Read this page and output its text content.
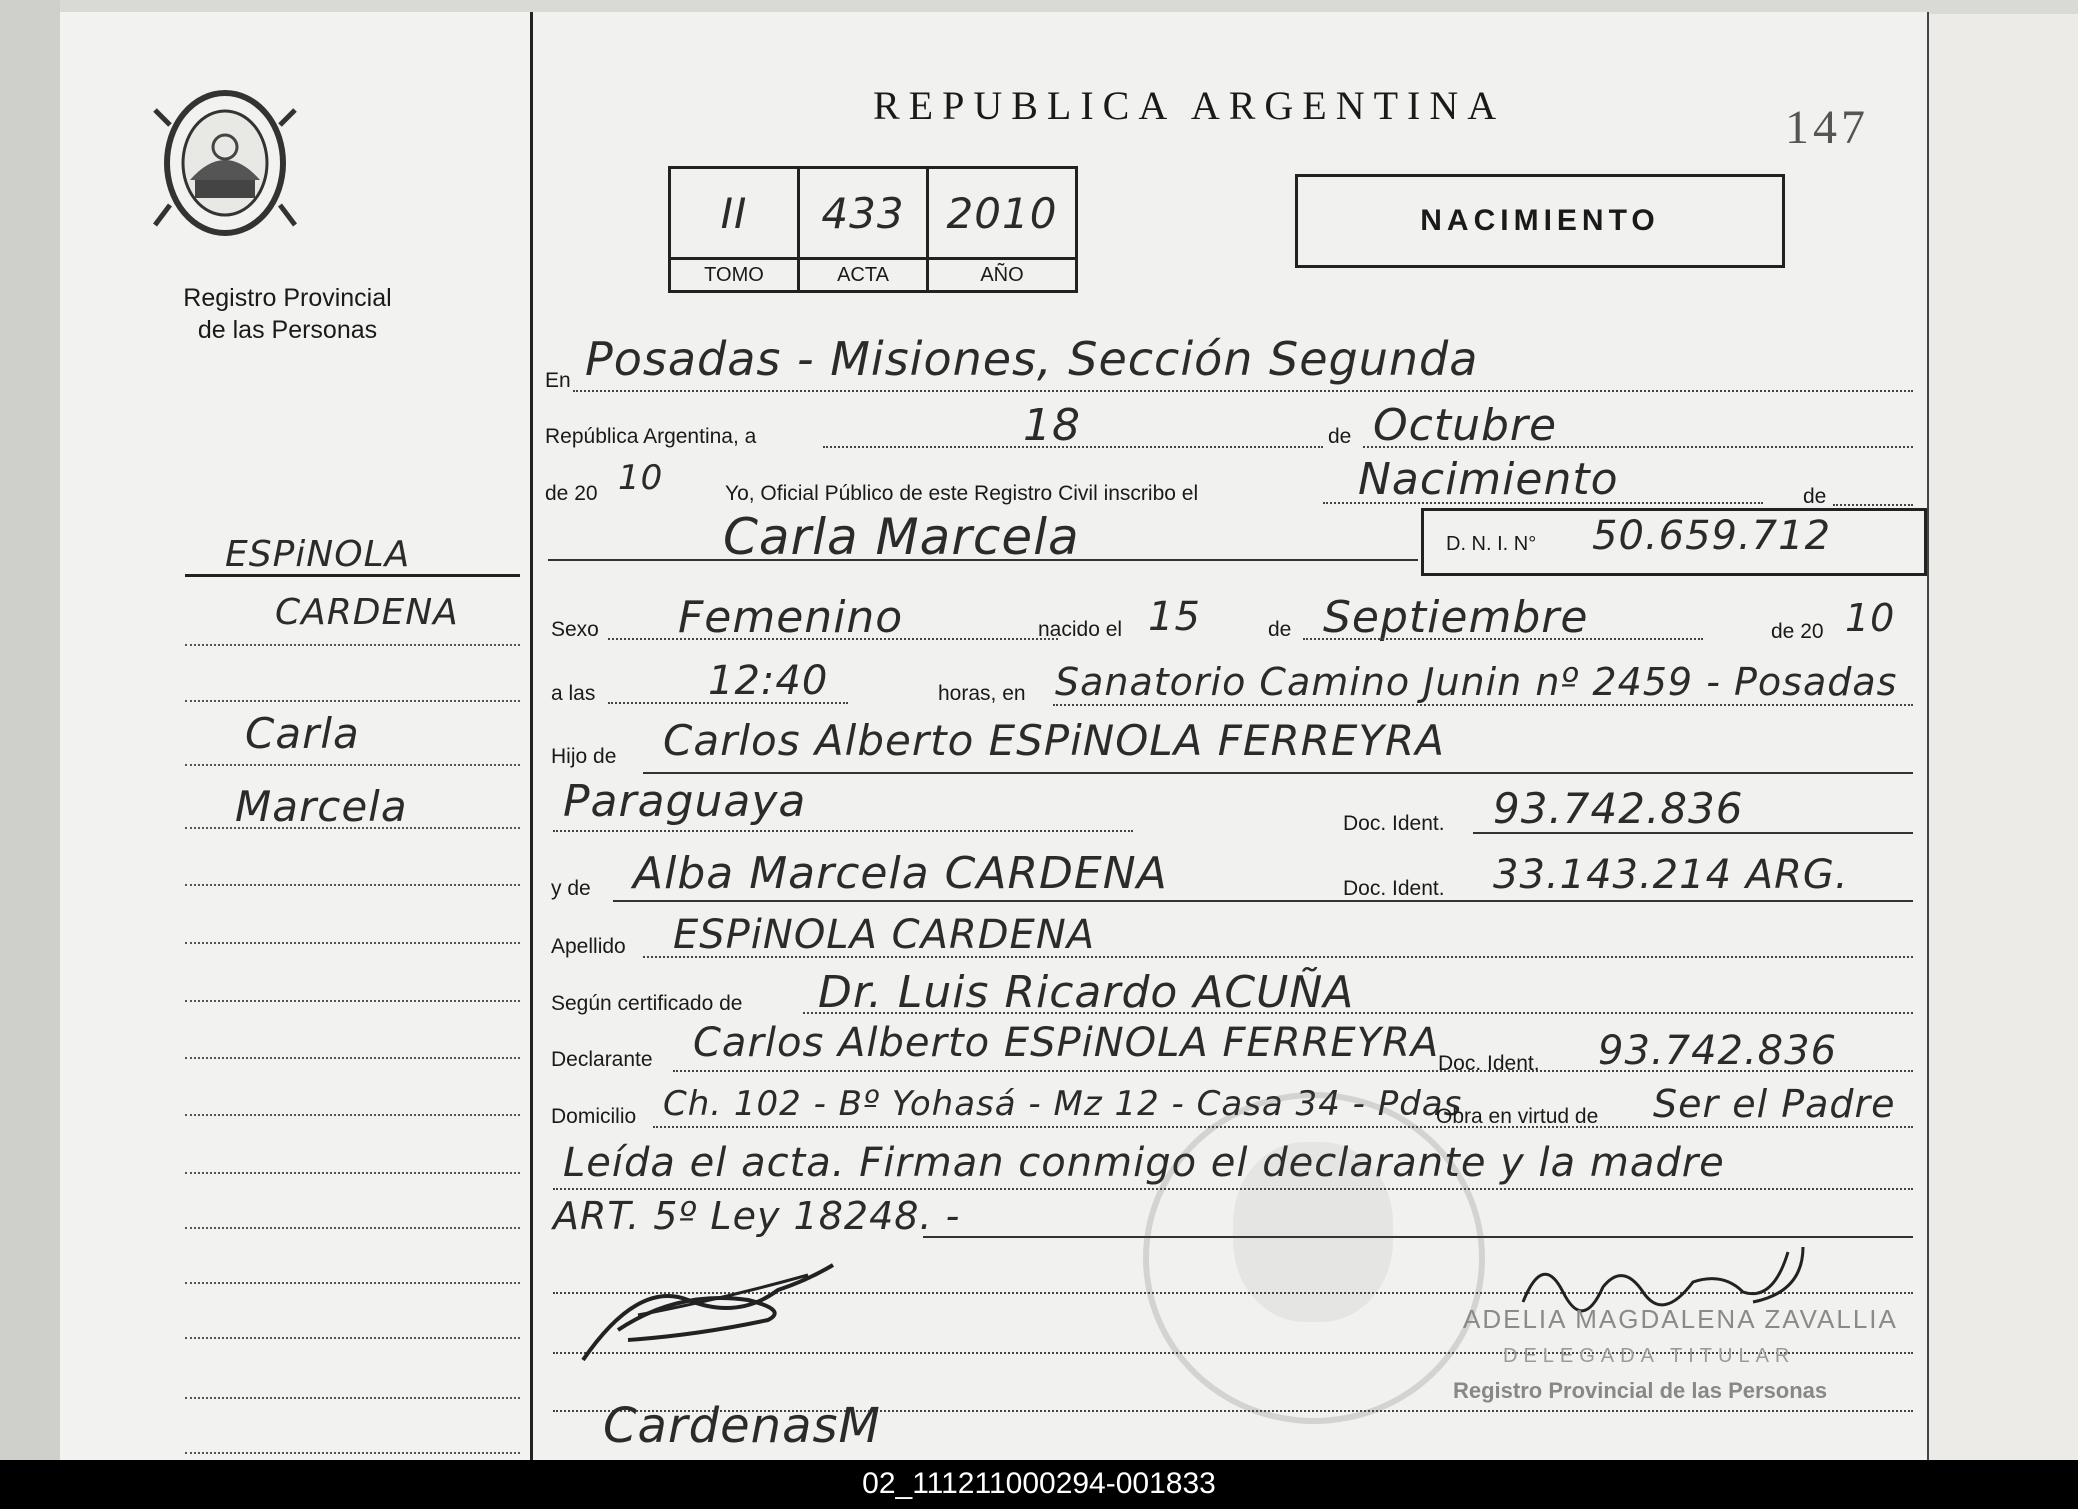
Registro Provincial
de las Personas
ESPiNOLA
CARDENA
Carla
Marcela
REPUBLICA ARGENTINA	147
II	433	2010
TOMO	ACTA	AÑO
NACIMIENTO
En Posadas - Misiones, Sección Segunda
República Argentina, a	18	de Octubre
de 20 10	Yo, Oficial Público de este Registro Civil inscribo el	Nacimiento	de
Carla Marcela	D. N. I. N° 50.659.712
Sexo Femenino	nacido el 15	de Septiembre	de 20 10
a las	12:40	horas, en Sanatorio Camino Junin nº 2459 - Posadas
Hijo de Carlos Alberto ESPiNOLA FERREYRA
Paraguaya	Doc. Ident. 93.742.836
y de Alba Marcela CARDENA	Doc. Ident. 33.143.214 ARG.
Apellido ESPiNOLA CARDENA
Según certificado de Dr. Luis Ricardo ACUÑA
Declarante Carlos Alberto ESPiNOLA FERREYRA
Doc. Ident. 93.742.836
Domicilio Ch. 102 - Bº Yohasá - Mz 12 - Casa 34 - Pdas
Obra en virtud de Ser el Padre
Leída el acta. Firman conmigo el declarante y la madre
ART. 5º Ley 18248. -
ADELIA MAGDALENA ZAVALLIA
DELEGADA TITULAR
Registro Provincial de las Personas
CardenasM
02_111211000294-001833
